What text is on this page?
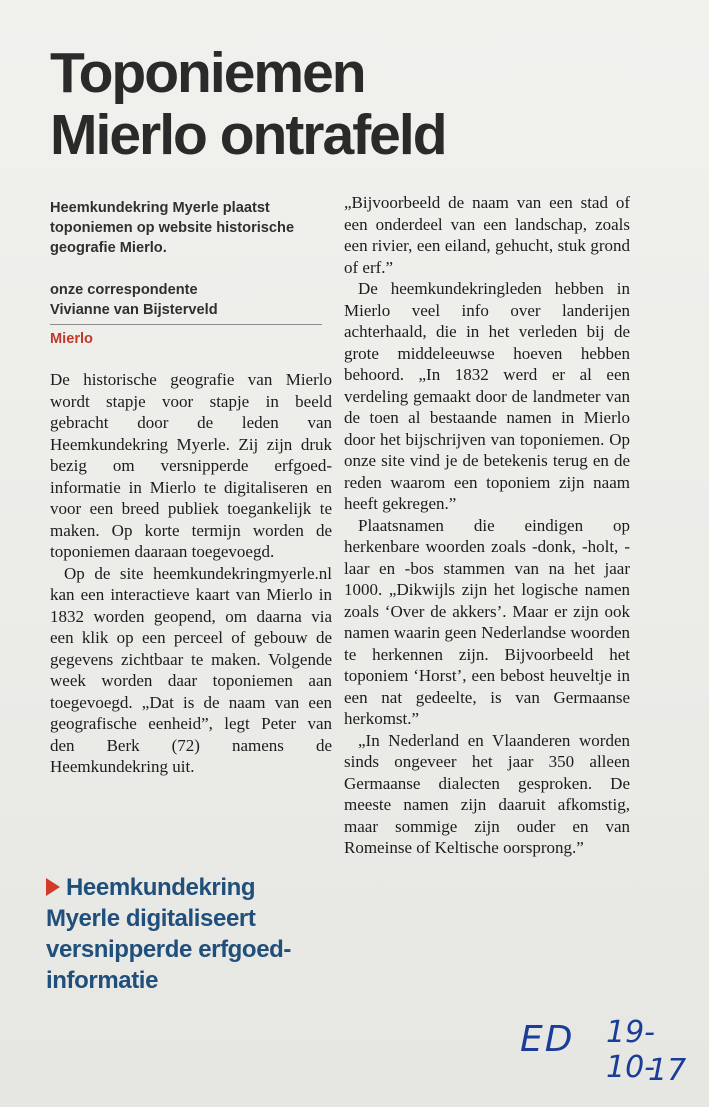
Toponiemen
Mierlo ontrafeld
Heemkundekring Myerle plaatst toponiemen op website historische geografie Mierlo.
onze correspondente
Vivianne van Bijsterveld
Mierlo

De historische geografie van Mierlo wordt stapje voor stapje in beeld gebracht door de leden van Heemkundekring Myerle. Zij zijn druk bezig om versnipperde erfgoed-informatie in Mierlo te digitaliseren en voor een breed publiek toegankelijk te maken. Op korte termijn worden de toponiemen daaraan toegevoegd.

Op de site heemkundekringmyerle.nl kan een interactieve kaart van Mierlo in 1832 worden geopend, om daarna via een klik op een perceel of gebouw de gegevens zichtbaar te maken. Volgende week worden daar toponiemen aan toegevoegd. „Dat is de naam van een geografische eenheid”, legt Peter van den Berk (72) namens de Heemkundekring uit.

„Bijvoorbeeld de naam van een stad of een onderdeel van een landschap, zoals een rivier, een eiland, gehucht, stuk grond of erf.”

De heemkundekringleden hebben in Mierlo veel info over landerijen achterhaald, die in het verleden bij de grote middeleeuwse hoeven hebben behoord. „In 1832 werd er al een verdeling gemaakt door de landmeter van de toen al bestaande namen in Mierlo door het bijschrijven van toponiemen. Op onze site vind je de betekenis terug en de reden waarom een toponiem zijn naam heeft gekregen.”

Plaatsnamen die eindigen op herkenbare woorden zoals -donk, -holt, -laar en -bos stammen van na het jaar 1000. „Dikwijls zijn het logische namen zoals ‘Over de akkers’. Maar er zijn ook namen waarin geen Nederlandse woorden te herkennen zijn. Bijvoorbeeld het toponiem ‘Horst’, een bebost heuveltje in een nat gedeelte, is van Germaanse herkomst.”

„In Nederland en Vlaanderen worden sinds ongeveer het jaar 350 alleen Germaanse dialecten gesproken. De meeste namen zijn daaruit afkomstig, maar sommige zijn ouder en van Romeinse of Keltische oorsprong.”

Heemkundekring Myerle digitaliseert versnipperde erfgoed-informatie
ED 19-10-
17
